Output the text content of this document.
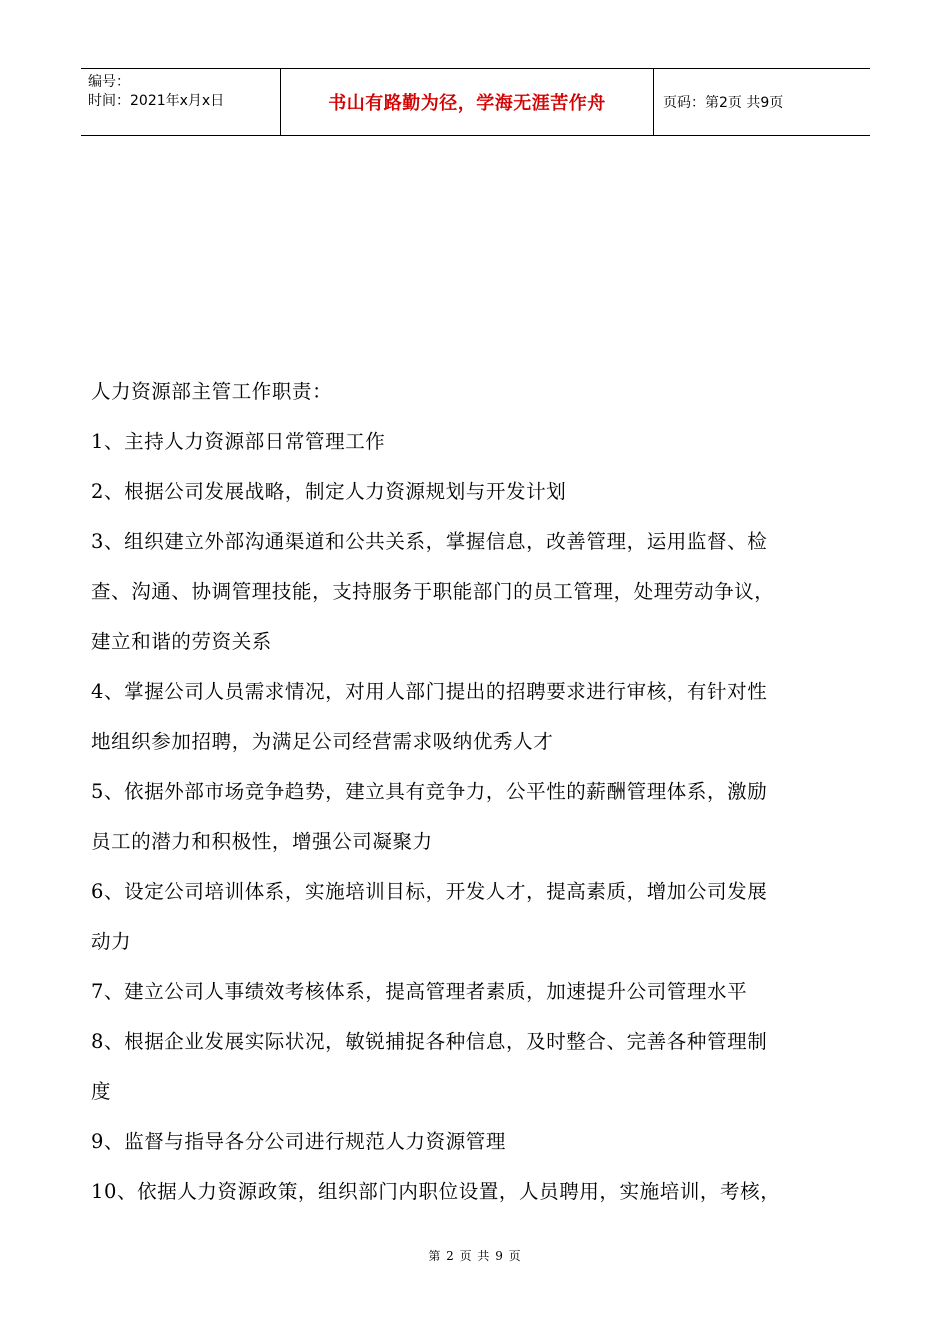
编号：
时间：2021年x月x日	书山有路勤为径，学海无涯苦作舟	页码：第2页 共9页
人力资源部主管工作职责：
1、主持人力资源部日常管理工作
2、根据公司发展战略，制定人力资源规划与开发计划
3、组织建立外部沟通渠道和公共关系，掌握信息，改善管理，运用监督、检
查、沟通、协调管理技能，支持服务于职能部门的员工管理，处理劳动争议，
建立和谐的劳资关系
4、掌握公司人员需求情况，对用人部门提出的招聘要求进行审核，有针对性
地组织参加招聘，为满足公司经营需求吸纳优秀人才
5、依据外部市场竞争趋势，建立具有竞争力，公平性的薪酬管理体系，激励
员工的潜力和积极性，增强公司凝聚力
6、设定公司培训体系，实施培训目标，开发人才，提高素质，增加公司发展
动力
7、建立公司人事绩效考核体系，提高管理者素质，加速提升公司管理水平
8、根据企业发展实际状况，敏锐捕捉各种信息，及时整合、完善各种管理制
度
9、监督与指导各分公司进行规范人力资源管理
10、依据人力资源政策，组织部门内职位设置，人员聘用，实施培训，考核，
第 2 页 共 9 页
